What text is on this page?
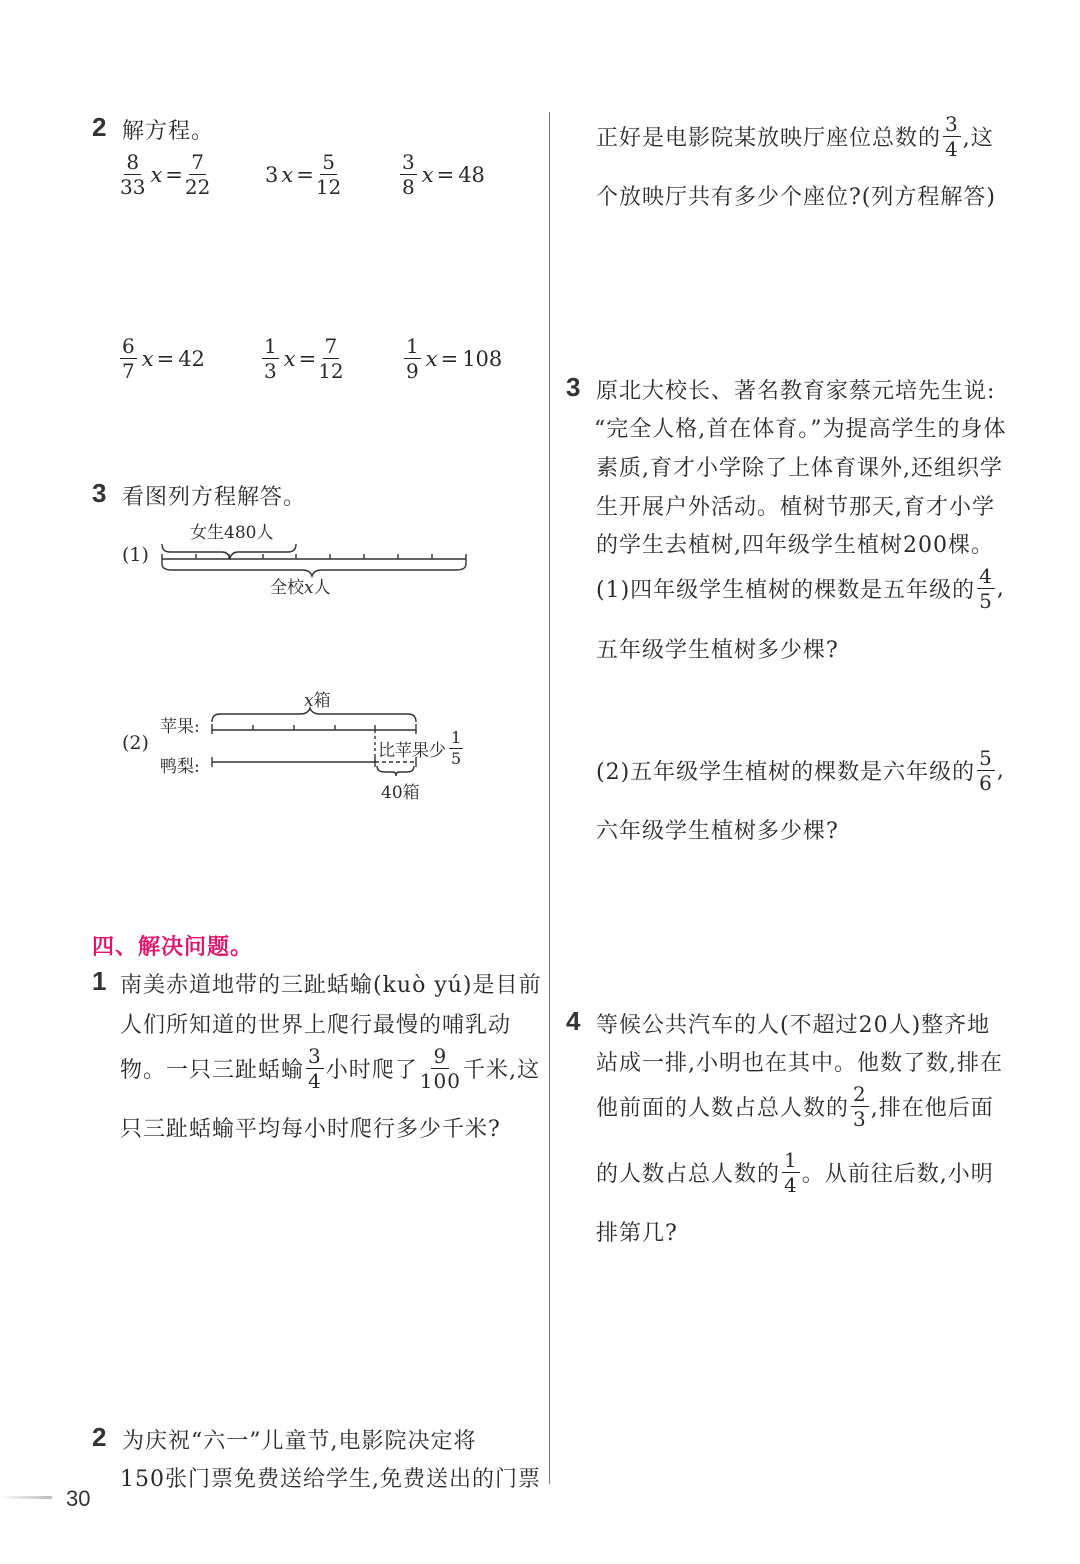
2 解方程。
$\frac{8}{33}$ $x = \frac{7}{22}$	3 $x = \frac{5}{12}$	$\frac{3}{8}$ x = 48
$\frac{6}{7}$ x = 42	$\frac{1}{3}$ $x = \frac{7}{12}$	$\frac{1}{9}$ x = 108
3 看图列方程解答。
(1)
女生480人
全校x人
x箱
苹果:
(2)
鸭梨:
比苹果少 $\frac{1}{5}$
40箱
四、解决问题。
1 南美赤道地带的三趾蛞蝓(kuò yú)是目前
人们所知道的世界上爬行最慢的哺乳动
物。一只三趾蛞蝓 $\frac{3}{4}$ 小时爬了 $\frac{9}{100}$ 千米,这
只三趾蛞蝓平均每小时爬行多少千米?
2 为庆祝“六一”儿童节,电影院决定将
150张门票免费送给学生,免费送出的门票
30
正好是电影院某放映厅座位总数的 $\frac{3}{4}$ ,这
个放映厅共有多少个座位?(列方程解答)
3 原北大校长、著名教育家蔡元培先生说:
“完全人格,首在体育。”为提高学生的身体
素质,育才小学除了上体育课外,还组织学
生开展户外活动。植树节那天,育才小学
的学生去植树,四年级学生植树200棵。
(1)四年级学生植树的棵数是五年级的 $\frac{4}{5}$ ,
五年级学生植树多少棵?
(2)五年级学生植树的棵数是六年级的 $\frac{5}{6}$ ,
六年级学生植树多少棵?
4 等候公共汽车的人(不超过20人)整齐地
站成一排,小明也在其中。他数了数,排在
他前面的人数占总人数的 $\frac{2}{3}$ ,排在他后面
的人数占总人数的 $\frac{1}{4}$ 。从前往后数,小明
排第几?
